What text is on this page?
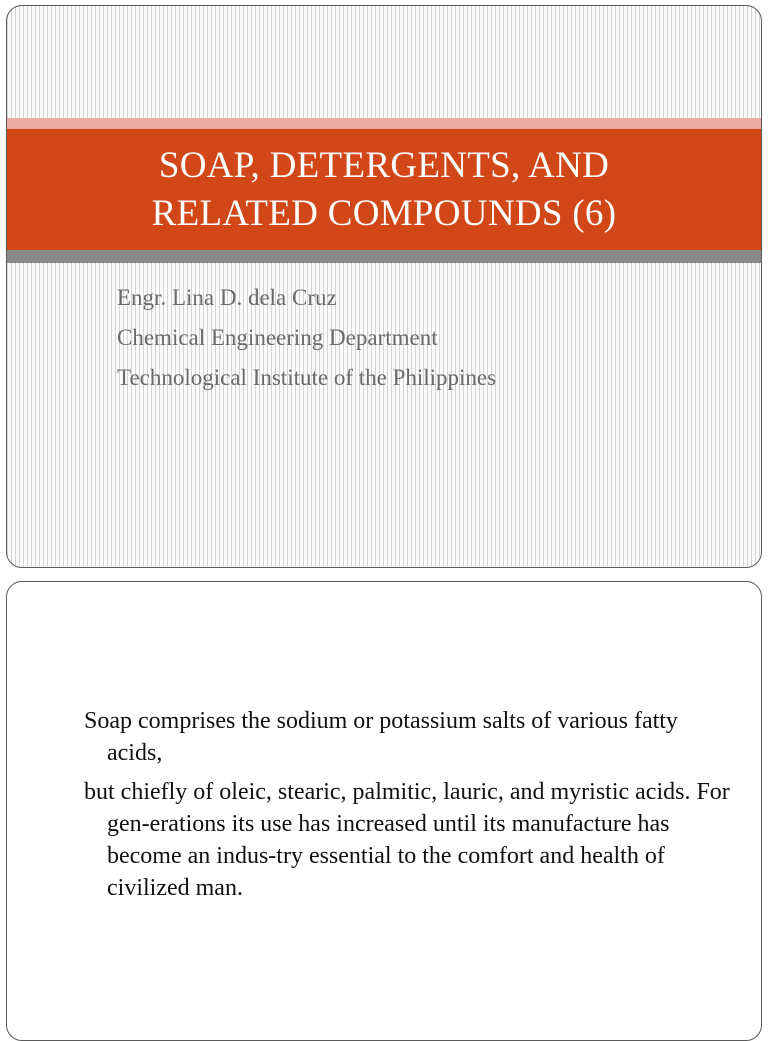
SOAP, DETERGENTS, AND
RELATED COMPOUNDS (6)
Engr. Lina D. dela Cruz
Chemical Engineering Department
Technological Institute of the Philippines

Soap comprises the sodium or potassium salts of various fatty acids,

but chiefly of oleic, stearic, palmitic, lauric, and myristic acids. For gen-erations its use has increased until its manufacture has become an indus-try essential to the comfort and health of civilized man.
